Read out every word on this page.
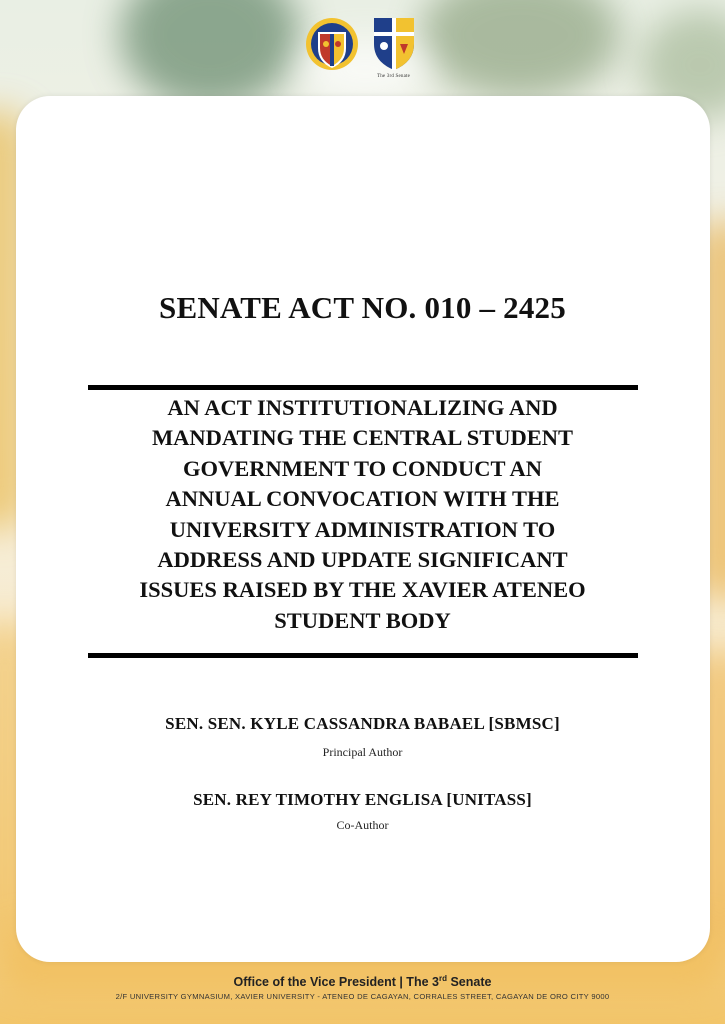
The 3rd Senate
SENATE ACT NO. 010 – 2425
AN ACT INSTITUTIONALIZING AND
MANDATING THE CENTRAL STUDENT
GOVERNMENT TO CONDUCT AN
ANNUAL CONVOCATION WITH THE
UNIVERSITY ADMINISTRATION TO
ADDRESS AND UPDATE SIGNIFICANT
ISSUES RAISED BY THE XAVIER ATENEO
STUDENT BODY
SEN. SEN. KYLE CASSANDRA BABAEL [SBMSC]
Principal Author
SEN. REY TIMOTHY ENGLISA [UNITASS]
Co-Author
Office of the Vice President | The 3rd Senate
2/F UNIVERSITY GYMNASIUM, XAVIER UNIVERSITY - ATENEO DE CAGAYAN, CORRALES STREET, CAGAYAN DE ORO CITY 9000
